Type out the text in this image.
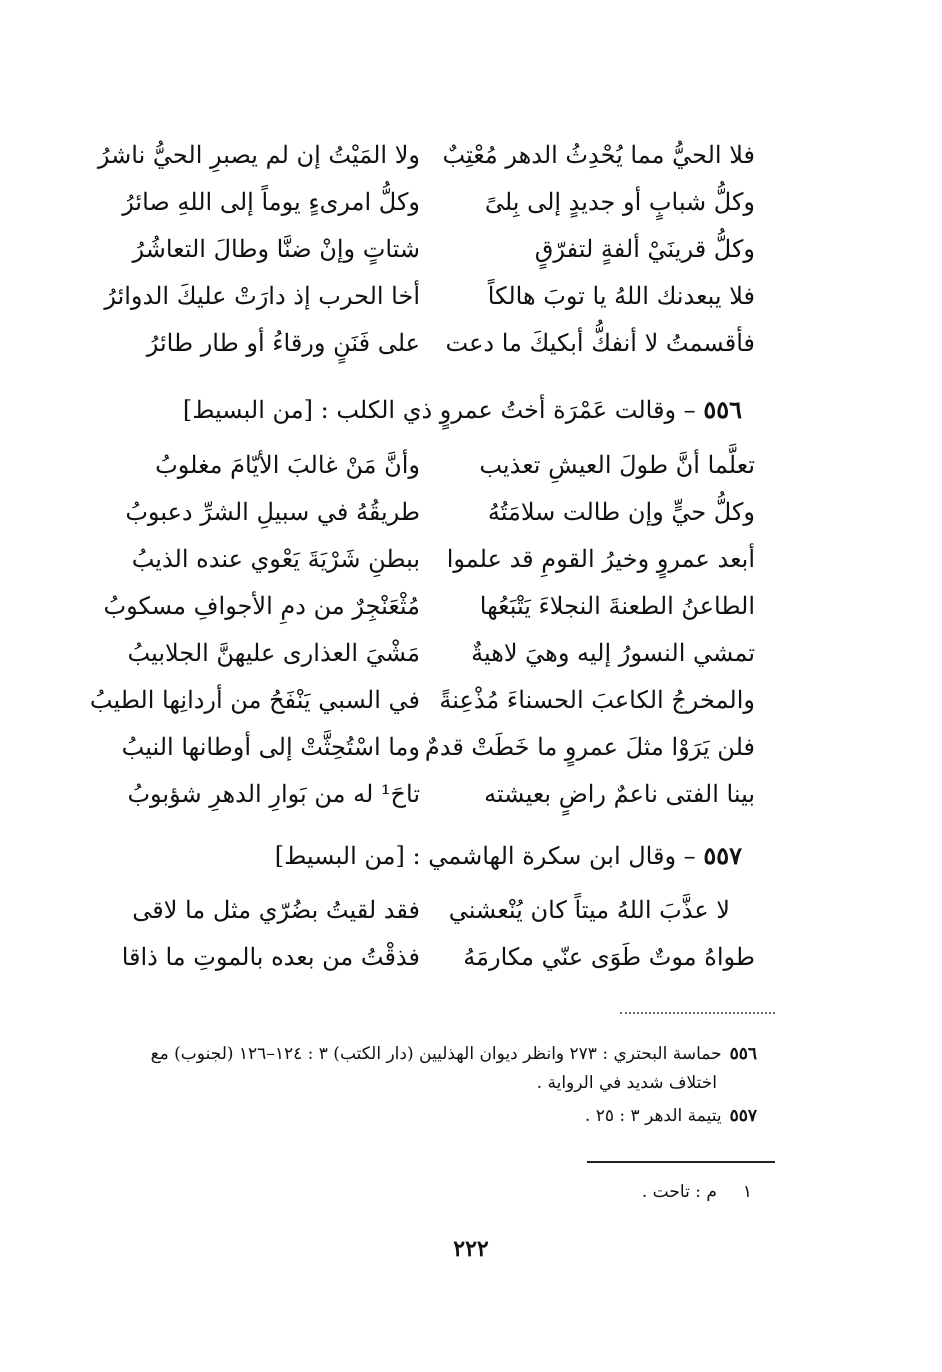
فلا الحيُّ مما يُحْدِثُ الدهر مُعْتِبٌ
ولا المَيْتُ إن لم يصبرِ الحيُّ ناشرُ
وكلُّ شبابٍ أو جديدٍ إلى بِلىً
وكلُّ امرىءٍ يوماً إلى اللهِ صائرُ
وكلُّ قرينَيْ ألفةٍ لتفرّقٍ
شتاتٍ وإنْ ضنَّا وطالَ التعاشُرُ
فلا يبعدنك اللهُ يا توبَ هالكاً
أخا الحرب إذ دارَتْ عليكَ الدوائرُ
فأقسمتُ لا أنفكُّ أبكيكَ ما دعت
على فَنَنٍ ورقاءُ أو طار طائرُ
٥٥٦ – وقالت عَمْرَة أختُ عمروٍ ذي الكلب : [من البسيط]
تعلَّما أنَّ طولَ العيشِ تعذيب
وأنَّ مَنْ غالبَ الأيّامَ مغلوبُ
وكلُّ حيٍّ وإن طالت سلامَتُهُ
طريقُهُ في سبيلِ الشرِّ دعبوبُ
أبعد عمروٍ وخيرُ القومِ قد علموا
ببطنِ شَرْيَةَ يَعْوي عنده الذيبُ
الطاعنُ الطعنةَ النجلاءَ يَتْبَعُها
مُثْعَنْجِرٌ من دمِ الأجوافِ مسكوبُ
تمشي النسورُ إليه وهيَ لاهيةٌ
مَشْيَ العذارى عليهنَّ الجلابيبُ
والمخرجُ الكاعبَ الحسناءَ مُذْعِنةً
في السبي يَنْفَحُ من أردانِها الطيبُ
فلن يَرَوْا مثلَ عمروٍ ما خَطَتْ قدمٌ
وما اسْتُحِثَّتْ إلى أوطانها النيبُ
بينا الفتى ناعمٌ راضٍ بعيشته
تاحَ¹ له من بَوارِ الدهرِ شؤبوبُ
٥٥٧ – وقال ابن سكرة الهاشمي : [من البسيط]
لا عذَّبَ اللهُ ميتاً كان يُنْعشني
فقد لقيتُ بضُرّي مثل ما لاقى
طواهُ موتٌ طَوَى عنّي مكارمَهُ
فذقْتُ من بعده بالموتِ ما ذاقا
٥٥٦حماسة البحتري : ٢٧٣ وانظر ديوان الهذليين (دار الكتب) ٣ : ١٢٤–١٢٦ (لجنوب) مع
اختلاف شديد في الرواية .
٥٥٧يتيمة الدهر ٣ : ٢٥ .
١م : تاحت .
٢٢٢
